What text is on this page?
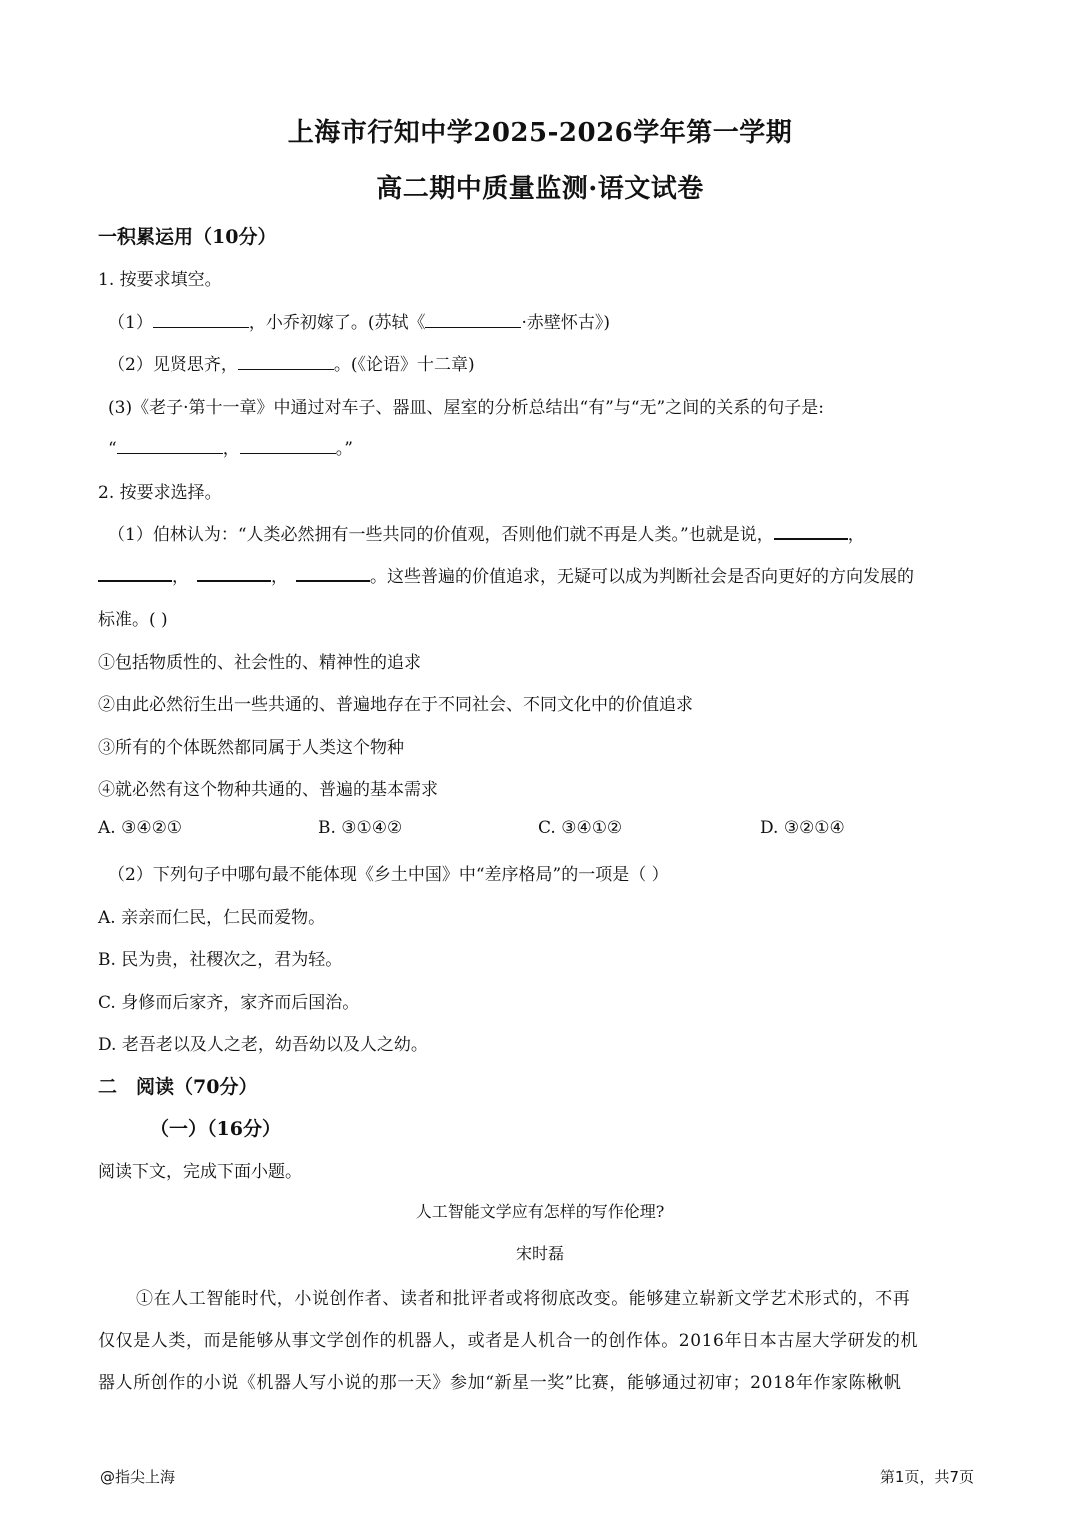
上海市行知中学2025-2026学年第一学期
高二期中质量监测·语文试卷
一积累运用（10分）
1. 按要求填空。
（1）	，小乔初嫁了。(苏轼《	·赤壁怀古》)
（2）见贤思齐，	。(《论语》十二章)
(3)《老子·第十一章》中通过对车子、器皿、屋室的分析总结出“有”与“无”之间的关系的句子是:
“	，	。”
2. 按要求选择。
（1）伯林认为：“人类必然拥有一些共同的价值观，否则他们就不再是人类。”也就是说，	，
，	，	。这些普遍的价值追求，无疑可以成为判断社会是否向更好的方向发展的
标准。( )
①包括物质性的、社会性的、精神性的追求
②由此必然衍生出一些共通的、普遍地存在于不同社会、不同文化中的价值追求
③所有的个体既然都同属于人类这个物种
④就必然有这个物种共通的、普遍的基本需求
A. ③④②①	B. ③①④②	C. ③④①②	D. ③②①④
（2）下列句子中哪句最不能体现《乡土中国》中“差序格局”的一项是（ ）
A. 亲亲而仁民，仁民而爱物。
B. 民为贵，社稷次之，君为轻。
C. 身修而后家齐，家齐而后国治。
D. 老吾老以及人之老，幼吾幼以及人之幼。
二　阅读（70分）
（一）（16分）
阅读下文，完成下面小题。
人工智能文学应有怎样的写作伦理?
宋时磊
①在人工智能时代，小说创作者、读者和批评者或将彻底改变。能够建立崭新文学艺术形式的，不再
仅仅是人类，而是能够从事文学创作的机器人，或者是人机合一的创作体。2016年日本古屋大学研发的机
器人所创作的小说《机器人写小说的那一天》参加“新星一奖”比赛，能够通过初审；2018年作家陈楸帆
@指尖上海	第1页，共7页
